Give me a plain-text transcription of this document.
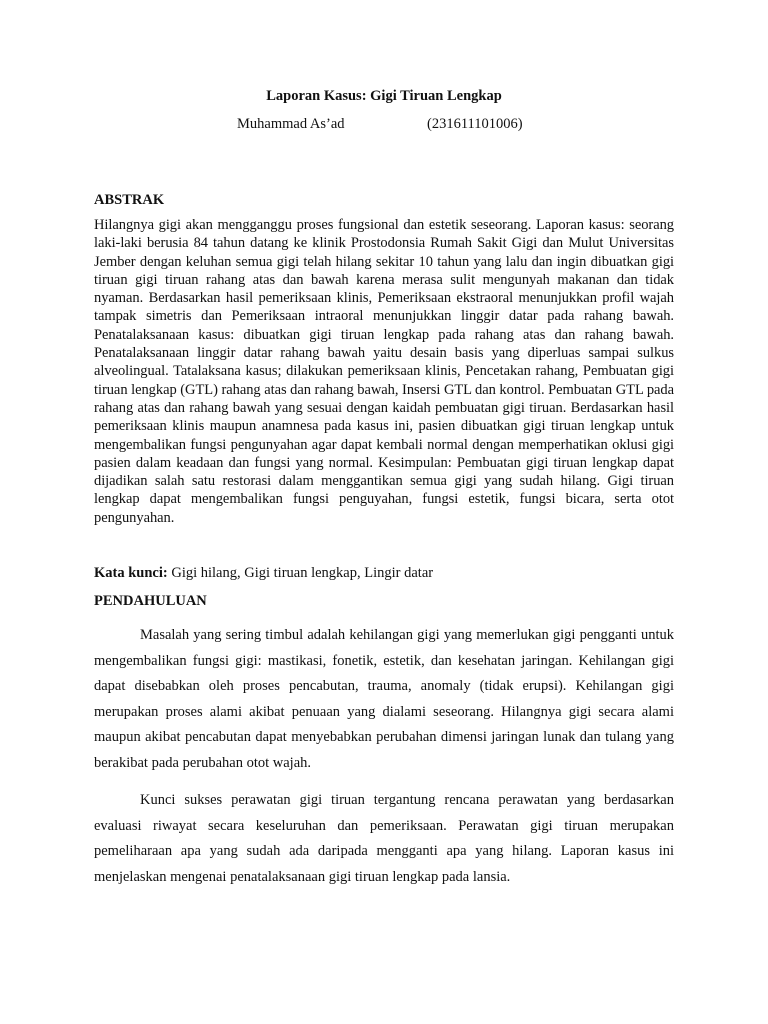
Laporan Kasus: Gigi Tiruan Lengkap
Muhammad As’ad	(231611101006)
ABSTRAK

Hilangnya gigi akan mengganggu proses fungsional dan estetik seseorang. Laporan kasus: seorang laki-laki berusia 84 tahun datang ke klinik Prostodonsia Rumah Sakit Gigi dan Mulut Universitas Jember dengan keluhan semua gigi telah hilang sekitar 10 tahun yang lalu dan ingin dibuatkan gigi tiruan gigi tiruan rahang atas dan bawah karena merasa sulit mengunyah makanan dan tidak nyaman. Berdasarkan hasil pemeriksaan klinis, Pemeriksaan ekstraoral menunjukkan profil wajah tampak simetris dan Pemeriksaan intraoral menunjukkan linggir datar pada rahang bawah. Penatalaksanaan kasus: dibuatkan gigi tiruan lengkap pada rahang atas dan rahang bawah. Penatalaksanaan linggir datar rahang bawah yaitu desain basis yang diperluas sampai sulkus alveolingual. Tatalaksana kasus; dilakukan pemeriksaan klinis, Pencetakan rahang, Pembuatan gigi tiruan lengkap (GTL) rahang atas dan rahang bawah, Insersi GTL dan kontrol. Pembuatan GTL pada rahang atas dan rahang bawah yang sesuai dengan kaidah pembuatan gigi tiruan. Berdasarkan hasil pemeriksaan klinis maupun anamnesa pada kasus ini, pasien dibuatkan gigi tiruan lengkap untuk mengembalikan fungsi pengunyahan agar dapat kembali normal dengan memperhatikan oklusi gigi pasien dalam keadaan dan fungsi yang normal. Kesimpulan: Pembuatan gigi tiruan lengkap dapat dijadikan salah satu restorasi dalam menggantikan semua gigi yang sudah hilang. Gigi tiruan lengkap dapat mengembalikan fungsi penguyahan, fungsi estetik, fungsi bicara, serta otot pengunyahan.

Kata kunci: Gigi hilang, Gigi tiruan lengkap, Lingir datar
PENDAHULUAN

Masalah yang sering timbul adalah kehilangan gigi yang memerlukan gigi pengganti untuk mengembalikan fungsi gigi: mastikasi, fonetik, estetik, dan kesehatan jaringan. Kehilangan gigi dapat disebabkan oleh proses pencabutan, trauma, anomaly (tidak erupsi). Kehilangan gigi merupakan proses alami akibat penuaan yang dialami seseorang. Hilangnya gigi secara alami maupun akibat pencabutan dapat menyebabkan perubahan dimensi jaringan lunak dan tulang yang berakibat pada perubahan otot wajah.

Kunci sukses perawatan gigi tiruan tergantung rencana perawatan yang berdasarkan evaluasi riwayat secara keseluruhan dan pemeriksaan. Perawatan gigi tiruan merupakan pemeliharaan apa yang sudah ada daripada mengganti apa yang hilang. Laporan kasus ini menjelaskan mengenai penatalaksanaan gigi tiruan lengkap pada lansia.
